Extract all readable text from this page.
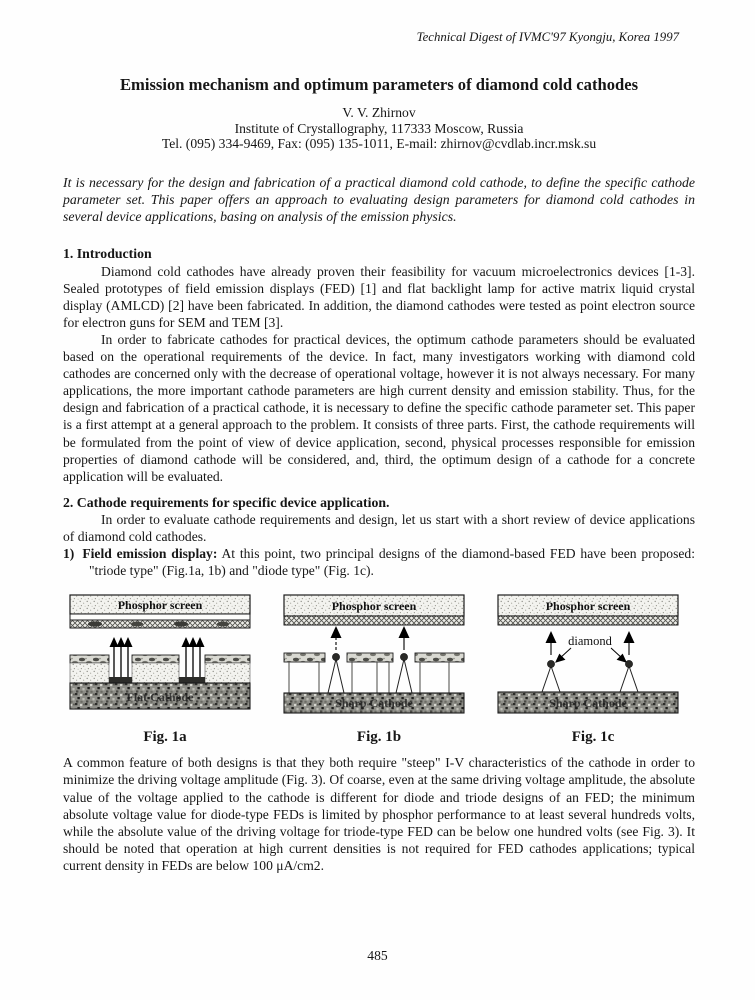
Technical Digest of IVMC'97 Kyongju, Korea 1997
Emission mechanism and optimum parameters of diamond cold cathodes
V. V. Zhirnov
Institute of Crystallography, 117333 Moscow, Russia
Tel. (095) 334-9469, Fax: (095) 135-1011, E-mail: zhirnov@cvdlab.incr.msk.su

It is necessary for the design and fabrication of a practical diamond cold cathode, to define the specific cathode parameter set. This paper offers an approach to evaluating design parameters for diamond cold cathodes in several device applications, basing on analysis of the emission physics.

1. Introduction

Diamond cold cathodes have already proven their feasibility for vacuum microelectronics devices [1-3]. Sealed prototypes of field emission displays (FED) [1] and flat backlight lamp for active matrix liquid crystal display (AMLCD) [2] have been fabricated. In addition, the diamond cathodes were tested as point electron source for electron guns for SEM and TEM [3].

In order to fabricate cathodes for practical devices, the optimum cathode parameters should be evaluated based on the operational requirements of the device. In fact, many investigators working with diamond cold cathodes are concerned only with the decrease of operational voltage, however it is not always necessary. For many applications, the more important cathode parameters are high current density and emission stability. Thus, for the design and fabrication of a practical cathode, it is necessary to define the specific cathode parameter set. This paper is a first attempt at a general approach to the problem. It consists of three parts. First, the cathode requirements will be formulated from the point of view of device application, second, physical processes responsible for emission properties of diamond cathode will be considered, and, third, the optimum design of a cathode for a concrete application will be evaluated.

2. Cathode requirements for specific device application.

In order to evaluate cathode requirements and design, let us start with a short review of device applications of diamond cold cathodes.

1) Field emission display: At this point, two principal designs of the diamond-based FED have been proposed: "triode type" (Fig.1a, 1b) and "diode type" (Fig. 1c).

Phosphor screen
Flat Cathode
Fig. 1a
Phosphor screen
Sharp Cathode
Fig. 1b
Phosphor screen
diamond
Sharp Cathode
Fig. 1c

A common feature of both designs is that they both require "steep" I-V characteristics of the cathode in order to minimize the driving voltage amplitude (Fig. 3). Of coarse, even at the same driving voltage amplitude, the absolute value of the voltage applied to the cathode is different for diode and triode designs of an FED; the minimum absolute voltage value for diode-type FEDs is limited by phosphor performance to at least several hundreds volts, while the absolute value of the driving voltage for triode-type FED can be below one hundred volts (see Fig. 3). It should be noted that operation at high current densities is not required for FED cathodes applications; typical current density in FEDs are below 100 μA/cm2.

485
